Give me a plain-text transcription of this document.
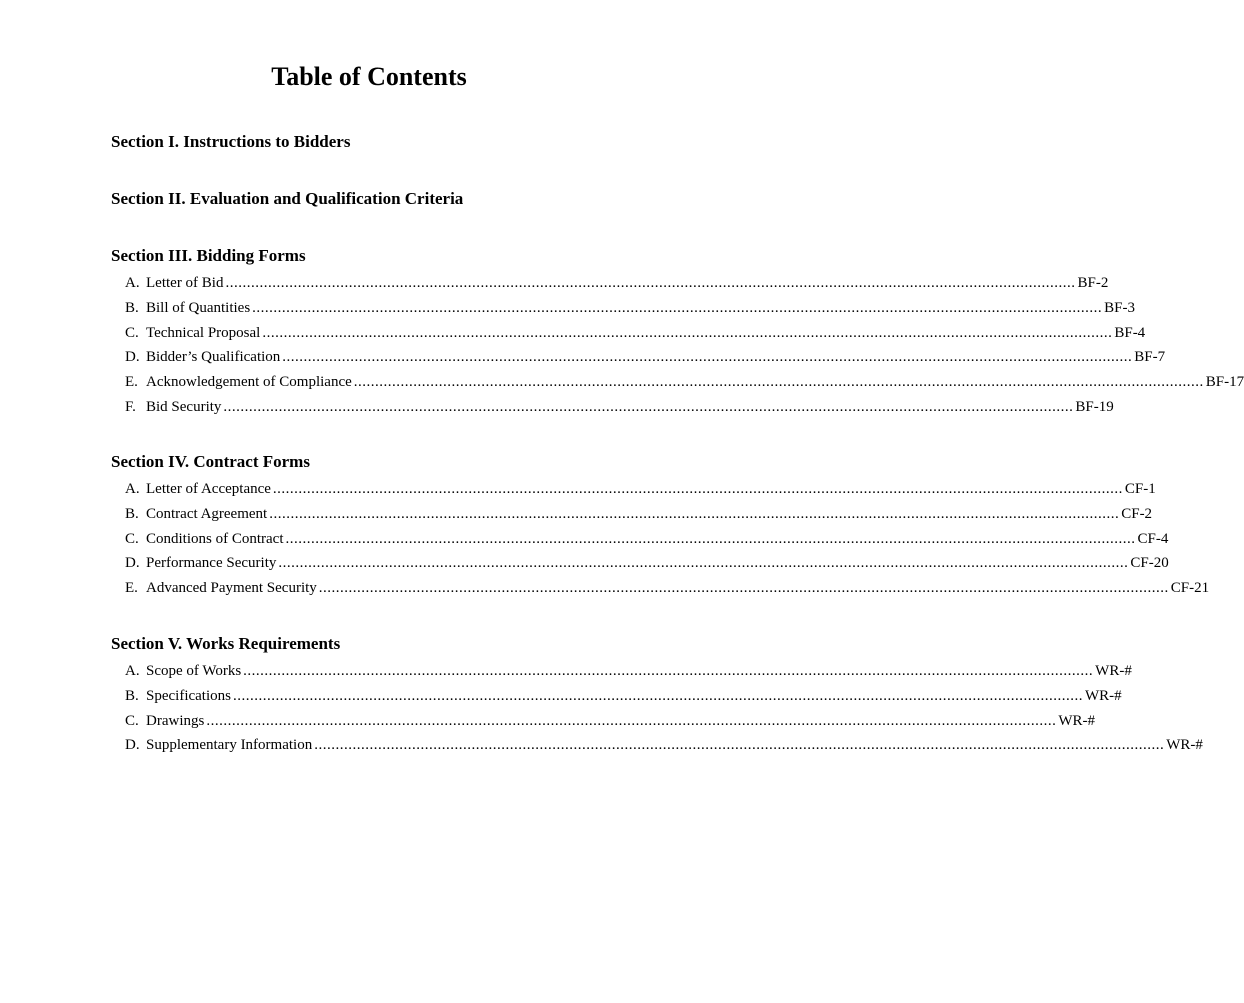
Table of Contents
Section I. Instructions to Bidders
Section II. Evaluation and Qualification Criteria
Section III. Bidding Forms
A. Letter of Bid ........................................................................................................................................................................................................ BF-2
B. Bill of Quantities ........................................................................................................................................................................................................ BF-3
C. Technical Proposal ........................................................................................................................................................................................................ BF-4
D. Bidder’s Qualification ........................................................................................................................................................................................................ BF-7
E. Acknowledgement of Compliance ........................................................................................................................................................................................................ BF-17
F. Bid Security ........................................................................................................................................................................................................ BF-19
Section IV. Contract Forms
A. Letter of Acceptance ........................................................................................................................................................................................................ CF-1
B. Contract Agreement ........................................................................................................................................................................................................ CF-2
C. Conditions of Contract ........................................................................................................................................................................................................ CF-4
D. Performance Security ........................................................................................................................................................................................................ CF-20
E. Advanced Payment Security ........................................................................................................................................................................................................ CF-21
Section V. Works Requirements
A. Scope of Works ........................................................................................................................................................................................................ WR-#
B. Specifications ........................................................................................................................................................................................................ WR-#
C. Drawings ........................................................................................................................................................................................................ WR-#
D. Supplementary Information ........................................................................................................................................................................................................ WR-#
